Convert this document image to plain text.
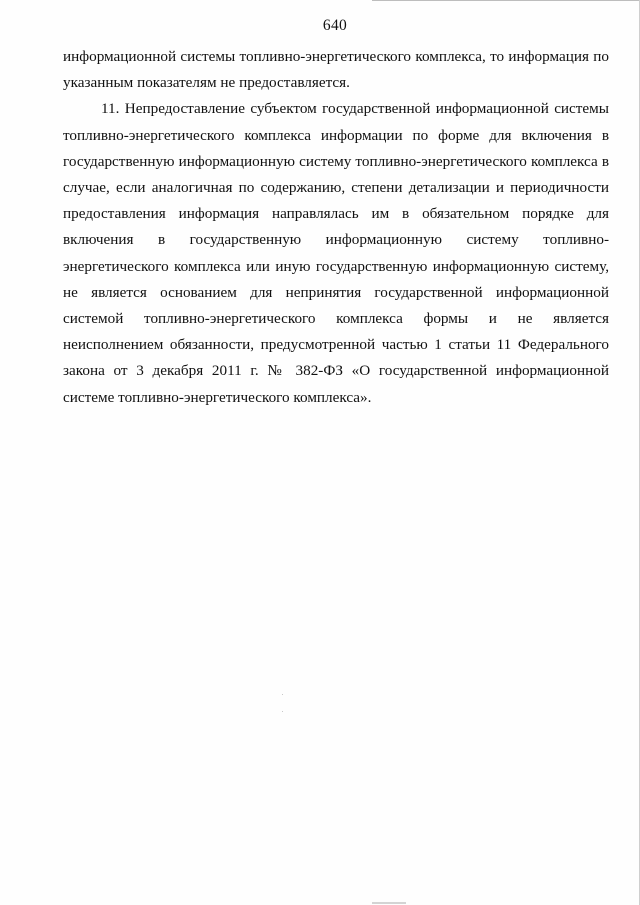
640

информационной системы топливно-энергетического комплекса, то информация по указанным показателям не предоставляется.

11. Непредоставление субъектом государственной информационной системы топливно-энергетического комплекса информации по форме для включения в государственную информационную систему топливно-энергетического комплекса в случае, если аналогичная по содержанию, степени детализации и периодичности предоставления информация направлялась им в обязательном порядке для включения в государственную информационную систему топливно-энергетического комплекса или иную государственную информационную систему, не является основанием для непринятия государственной информационной системой топливно-энергетического комплекса формы и не является неисполнением обязанности, предусмотренной частью 1 статьи 11 Федерального закона от 3 декабря 2011 г. № 382-ФЗ «О государственной информационной системе топливно-энергетического комплекса».
